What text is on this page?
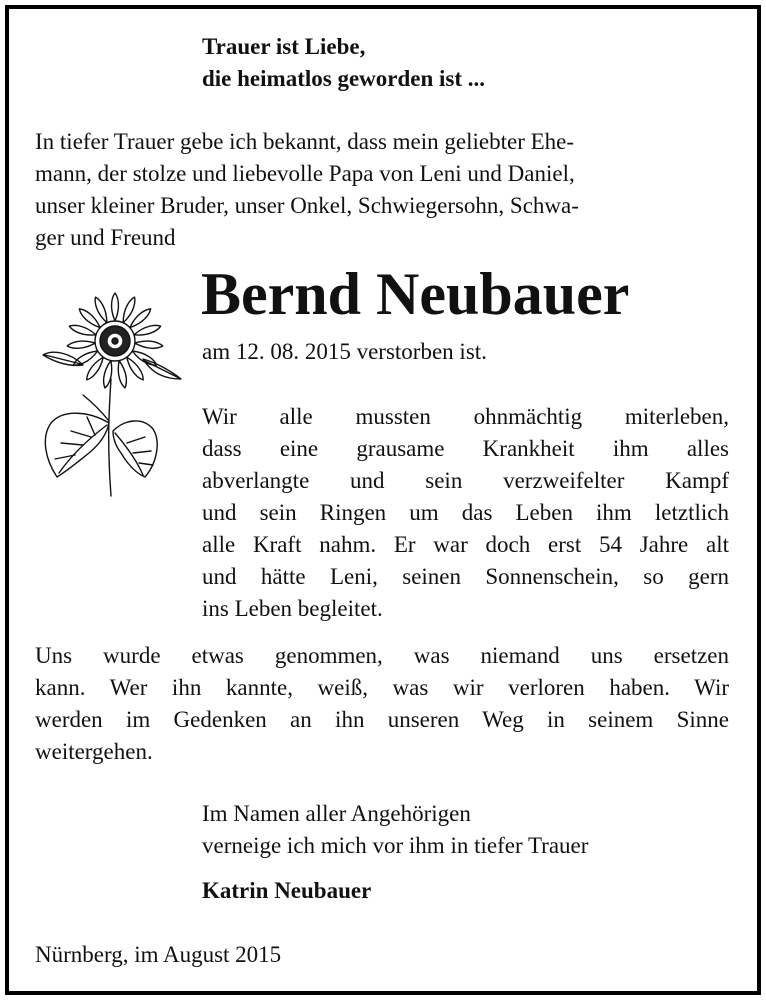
Trauer ist Liebe,
die heimatlos geworden ist ...
In tiefer Trauer gebe ich bekannt, dass mein geliebter Ehe-
mann, der stolze und liebevolle Papa von Leni und Daniel,
unser kleiner Bruder, unser Onkel, Schwiegersohn, Schwa-
ger und Freund
Bernd Neubauer
am 12. 08. 2015 verstorben ist.
Wir alle mussten ohnmächtig miterleben,
dass eine grausame Krankheit ihm alles
abverlangte und sein verzweifelter Kampf
und sein Ringen um das Leben ihm letztlich
alle Kraft nahm. Er war doch erst 54 Jahre alt
und hätte Leni, seinen Sonnenschein, so gern
ins Leben begleitet.
Uns wurde etwas genommen, was niemand uns ersetzen
kann. Wer ihn kannte, weiß, was wir verloren haben. Wir
werden im Gedenken an ihn unseren Weg in seinem Sinne
weitergehen.
Im Namen aller Angehörigen
verneige ich mich vor ihm in tiefer Trauer
Katrin Neubauer
Nürnberg, im August 2015
